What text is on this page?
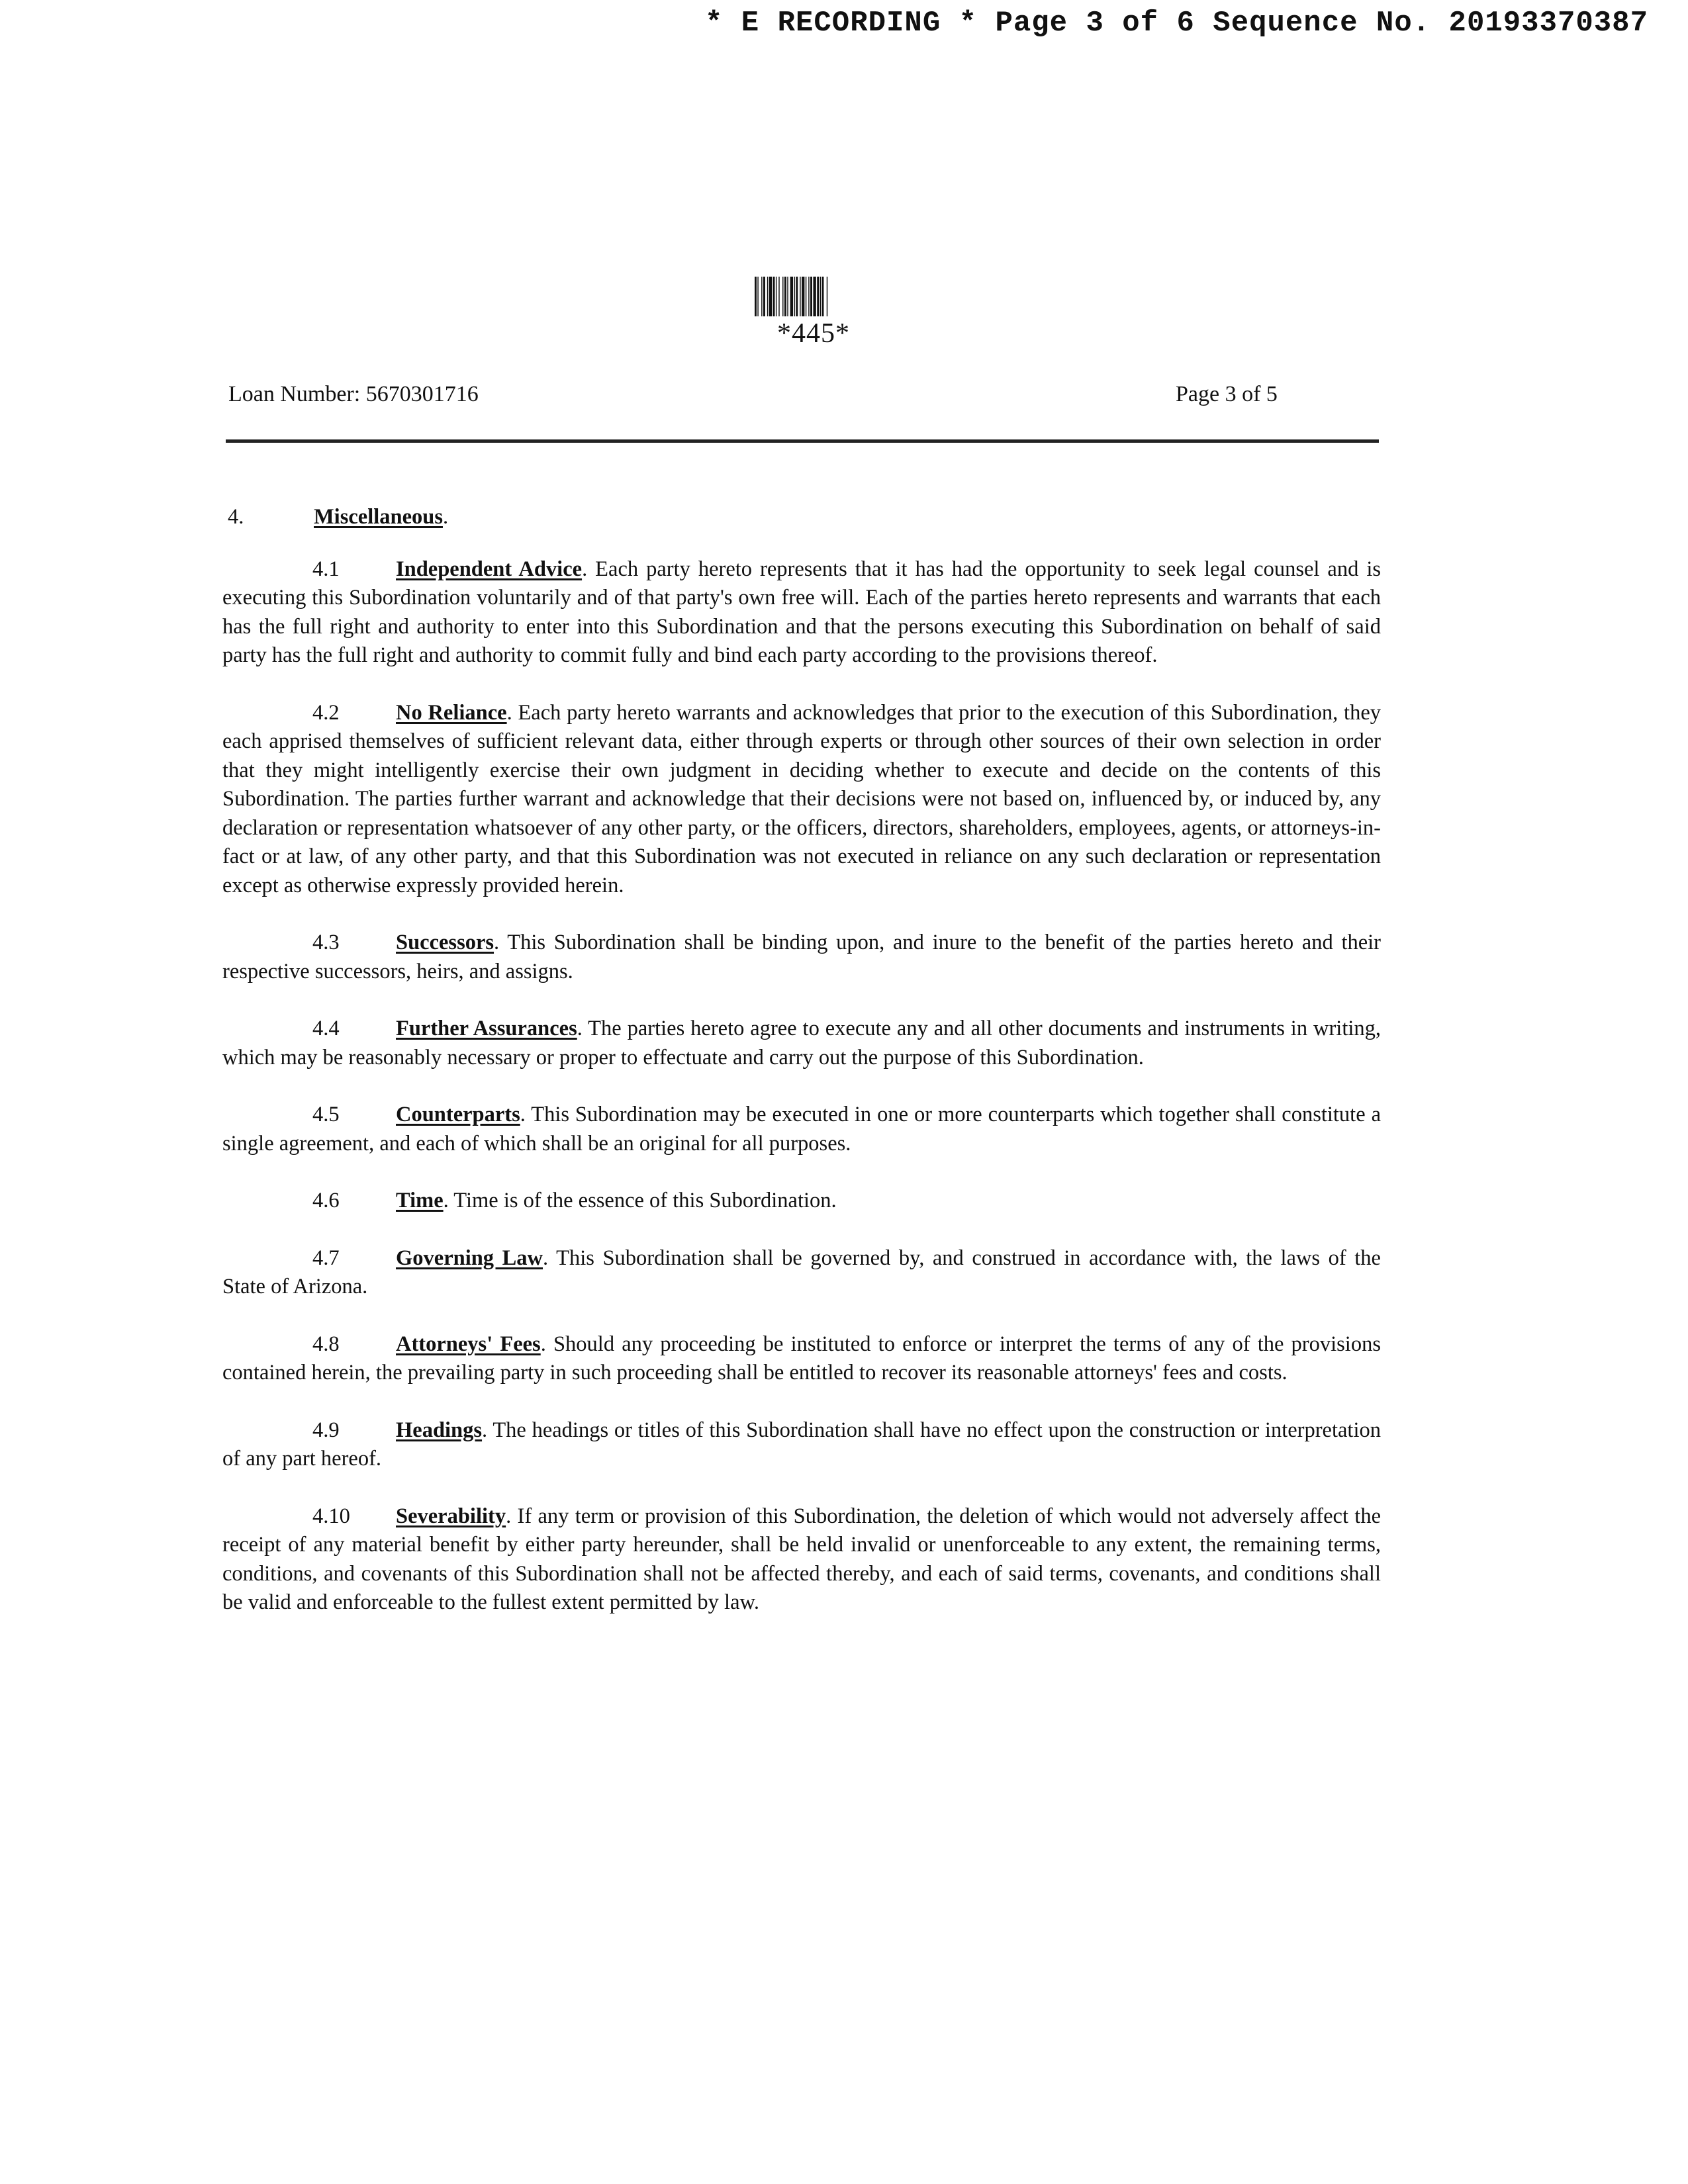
* E RECORDING * Page 3 of 6 Sequence No. 20193370387
*445*
Loan Number: 5670301716	Page 3 of 5
4.	Miscellaneous.

4.1	Independent Advice. Each party hereto represents that it has had the opportunity to seek legal counsel and is executing this Subordination voluntarily and of that party's own free will. Each of the parties hereto represents and warrants that each has the full right and authority to enter into this Subordination and that the persons executing this Subordination on behalf of said party has the full right and authority to commit fully and bind each party according to the provisions thereof.

4.2	No Reliance. Each party hereto warrants and acknowledges that prior to the execution of this Subordination, they each apprised themselves of sufficient relevant data, either through experts or through other sources of their own selection in order that they might intelligently exercise their own judgment in deciding whether to execute and decide on the contents of this Subordination. The parties further warrant and acknowledge that their decisions were not based on, influenced by, or induced by, any declaration or representation whatsoever of any other party, or the officers, directors, shareholders, employees, agents, or attorneys-in-fact or at law, of any other party, and that this Subordination was not executed in reliance on any such declaration or representation except as otherwise expressly provided herein.

4.3	Successors. This Subordination shall be binding upon, and inure to the benefit of the parties hereto and their respective successors, heirs, and assigns.

4.4	Further Assurances. The parties hereto agree to execute any and all other documents and instruments in writing, which may be reasonably necessary or proper to effectuate and carry out the purpose of this Subordination.

4.5	Counterparts. This Subordination may be executed in one or more counterparts which together shall constitute a single agreement, and each of which shall be an original for all purposes.

4.6	Time. Time is of the essence of this Subordination.

4.7	Governing Law. This Subordination shall be governed by, and construed in accordance with, the laws of the State of Arizona.

4.8	Attorneys' Fees. Should any proceeding be instituted to enforce or interpret the terms of any of the provisions contained herein, the prevailing party in such proceeding shall be entitled to recover its reasonable attorneys' fees and costs.

4.9	Headings. The headings or titles of this Subordination shall have no effect upon the construction or interpretation of any part hereof.

4.10 Severability. If any term or provision of this Subordination, the deletion of which would not adversely affect the receipt of any material benefit by either party hereunder, shall be held invalid or unenforceable to any extent, the remaining terms, conditions, and covenants of this Subordination shall not be affected thereby, and each of said terms, covenants, and conditions shall be valid and enforceable to the fullest extent permitted by law.
